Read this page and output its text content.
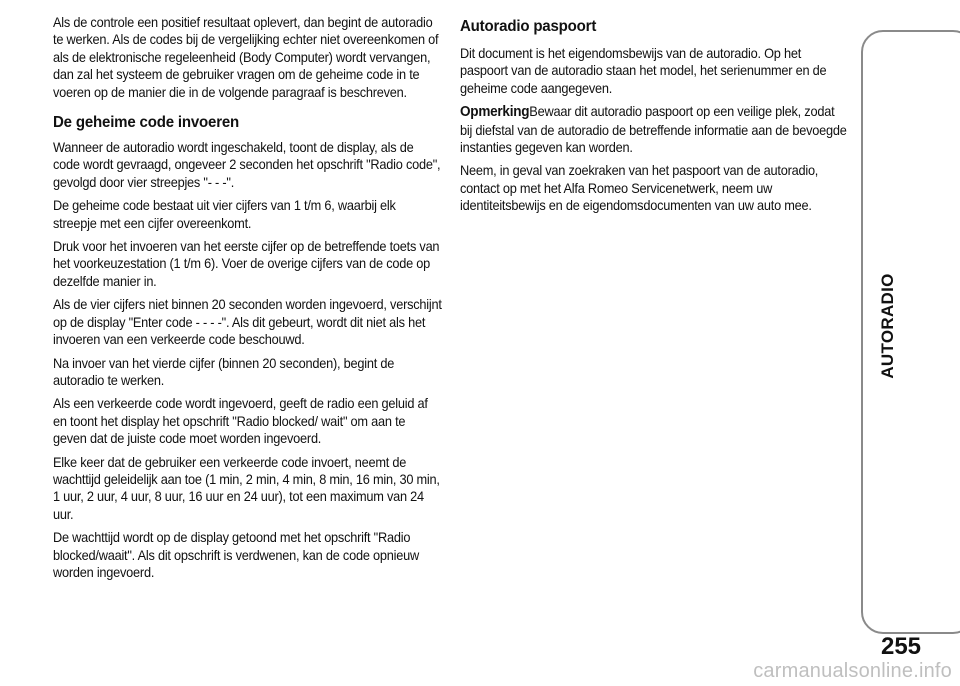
Als de controle een positief resultaat oplevert, dan begint de autoradio te werken. Als de codes bij de vergelijking echter niet overeenkomen of als de elektronische regeleenheid (Body Computer) wordt vervangen, dan zal het systeem de gebruiker vragen om de geheime code in te voeren op de manier die in de volgende paragraaf is beschreven.

De geheime code invoeren

Wanneer de autoradio wordt ingeschakeld, toont de display, als de code wordt gevraagd, ongeveer 2 seconden het opschrift "Radio code", gevolgd door vier streepjes "- - -".

De geheime code bestaat uit vier cijfers van 1 t/m 6, waarbij elk streepje met een cijfer overeenkomt.

Druk voor het invoeren van het eerste cijfer op de betreffende toets van het voorkeuzestation (1 t/m 6). Voer de overige cijfers van de code op dezelfde manier in.

Als de vier cijfers niet binnen 20 seconden worden ingevoerd, verschijnt op de display "Enter code - - - -". Als dit gebeurt, wordt dit niet als het invoeren van een verkeerde code beschouwd.

Na invoer van het vierde cijfer (binnen 20 seconden), begint de autoradio te werken.

Als een verkeerde code wordt ingevoerd, geeft de radio een geluid af en toont het display het opschrift "Radio blocked/ wait" om aan te geven dat de juiste code moet worden ingevoerd.

Elke keer dat de gebruiker een verkeerde code invoert, neemt de wachttijd geleidelijk aan toe (1 min, 2 min, 4 min, 8 min, 16 min, 30 min, 1 uur, 2 uur, 4 uur, 8 uur, 16 uur en 24 uur), tot een maximum van 24 uur.

De wachttijd wordt op de display getoond met het opschrift "Radio blocked/waait". Als dit opschrift is verdwenen, kan de code opnieuw worden ingevoerd.

Autoradio paspoort

Dit document is het eigendomsbewijs van de autoradio. Op het paspoort van de autoradio staan het model, het serienummer en de geheime code aangegeven.

OpmerkingBewaar dit autoradio paspoort op een veilige plek, zodat bij diefstal van de autoradio de betreffende informatie aan de bevoegde instanties gegeven kan worden.

Neem, in geval van zoekraken van het paspoort van de autoradio, contact op met het Alfa Romeo Servicenetwerk, neem uw identiteitsbewijs en de eigendomsdocumenten van uw auto mee.

AUTORADIO
255
carmanualsonline.info
